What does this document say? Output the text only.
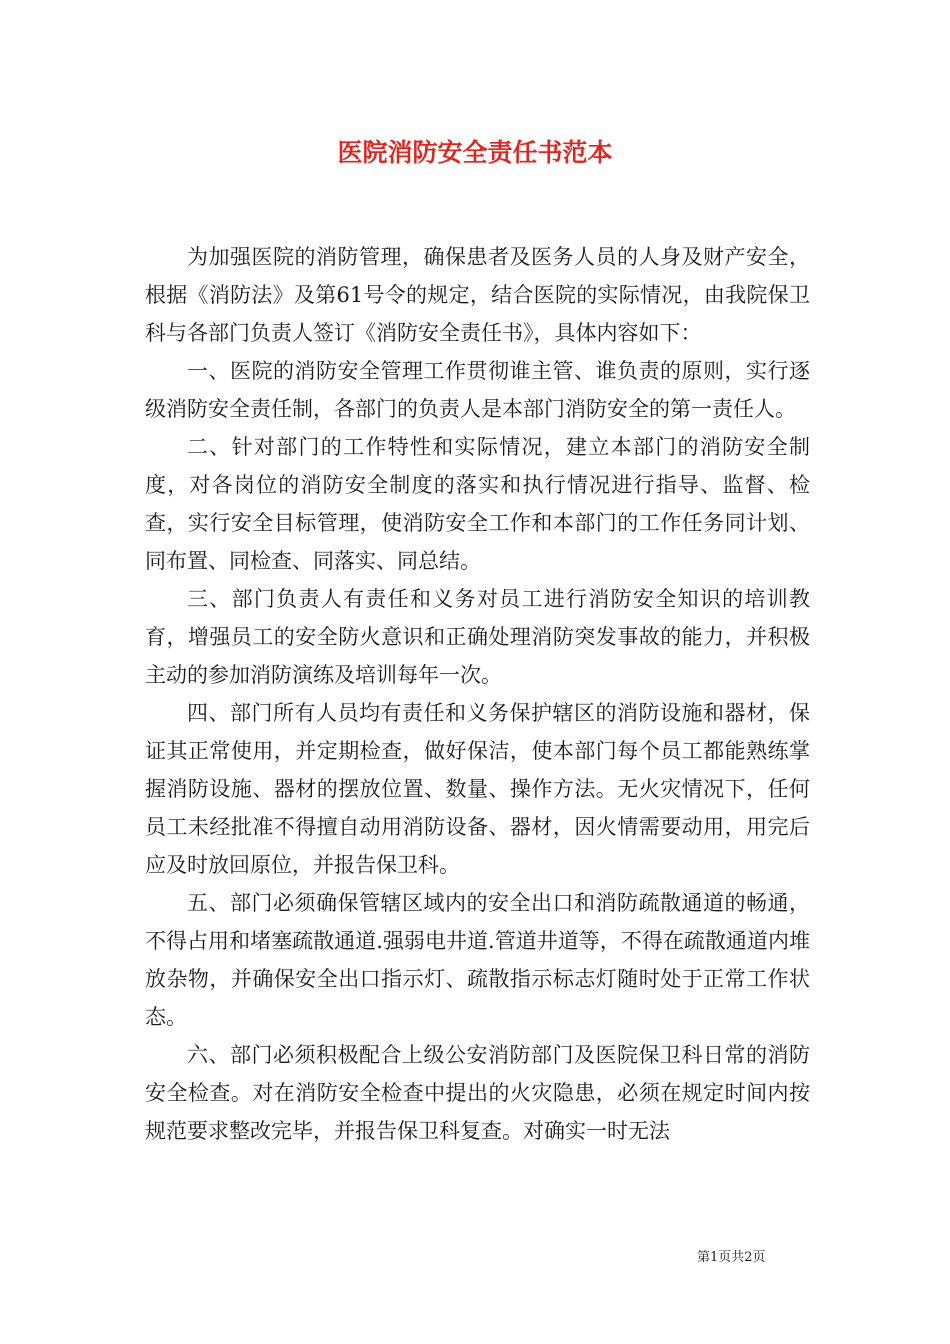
医院消防安全责任书范本

为加强医院的消防管理，确保患者及医务人员的人身及财产安全，根据《消防法》及第61号令的规定，结合医院的实际情况，由我院保卫科与各部门负责人签订《消防安全责任书》，具体内容如下：

一、医院的消防安全管理工作贯彻谁主管、谁负责的原则，实行逐级消防安全责任制，各部门的负责人是本部门消防安全的第一责任人。

二、针对部门的工作特性和实际情况，建立本部门的消防安全制度，对各岗位的消防安全制度的落实和执行情况进行指导、监督、检查，实行安全目标管理，使消防安全工作和本部门的工作任务同计划、同布置、同检查、同落实、同总结。

三、部门负责人有责任和义务对员工进行消防安全知识的培训教育，增强员工的安全防火意识和正确处理消防突发事故的能力，并积极主动的参加消防演练及培训每年一次。

四、部门所有人员均有责任和义务保护辖区的消防设施和器材，保证其正常使用，并定期检查，做好保洁，使本部门每个员工都能熟练掌握消防设施、器材的摆放位置、数量、操作方法。无火灾情况下，任何员工未经批准不得擅自动用消防设备、器材，因火情需要动用，用完后应及时放回原位，并报告保卫科。

五、部门必须确保管辖区域内的安全出口和消防疏散通道的畅通，不得占用和堵塞疏散通道.强弱电井道.管道井道等，不得在疏散通道内堆放杂物，并确保安全出口指示灯、疏散指示标志灯随时处于正常工作状态。

六、部门必须积极配合上级公安消防部门及医院保卫科日常的消防安全检查。对在消防安全检查中提出的火灾隐患，必须在规定时间内按规范要求整改完毕，并报告保卫科复查。对确实一时无法

第1页共2页
